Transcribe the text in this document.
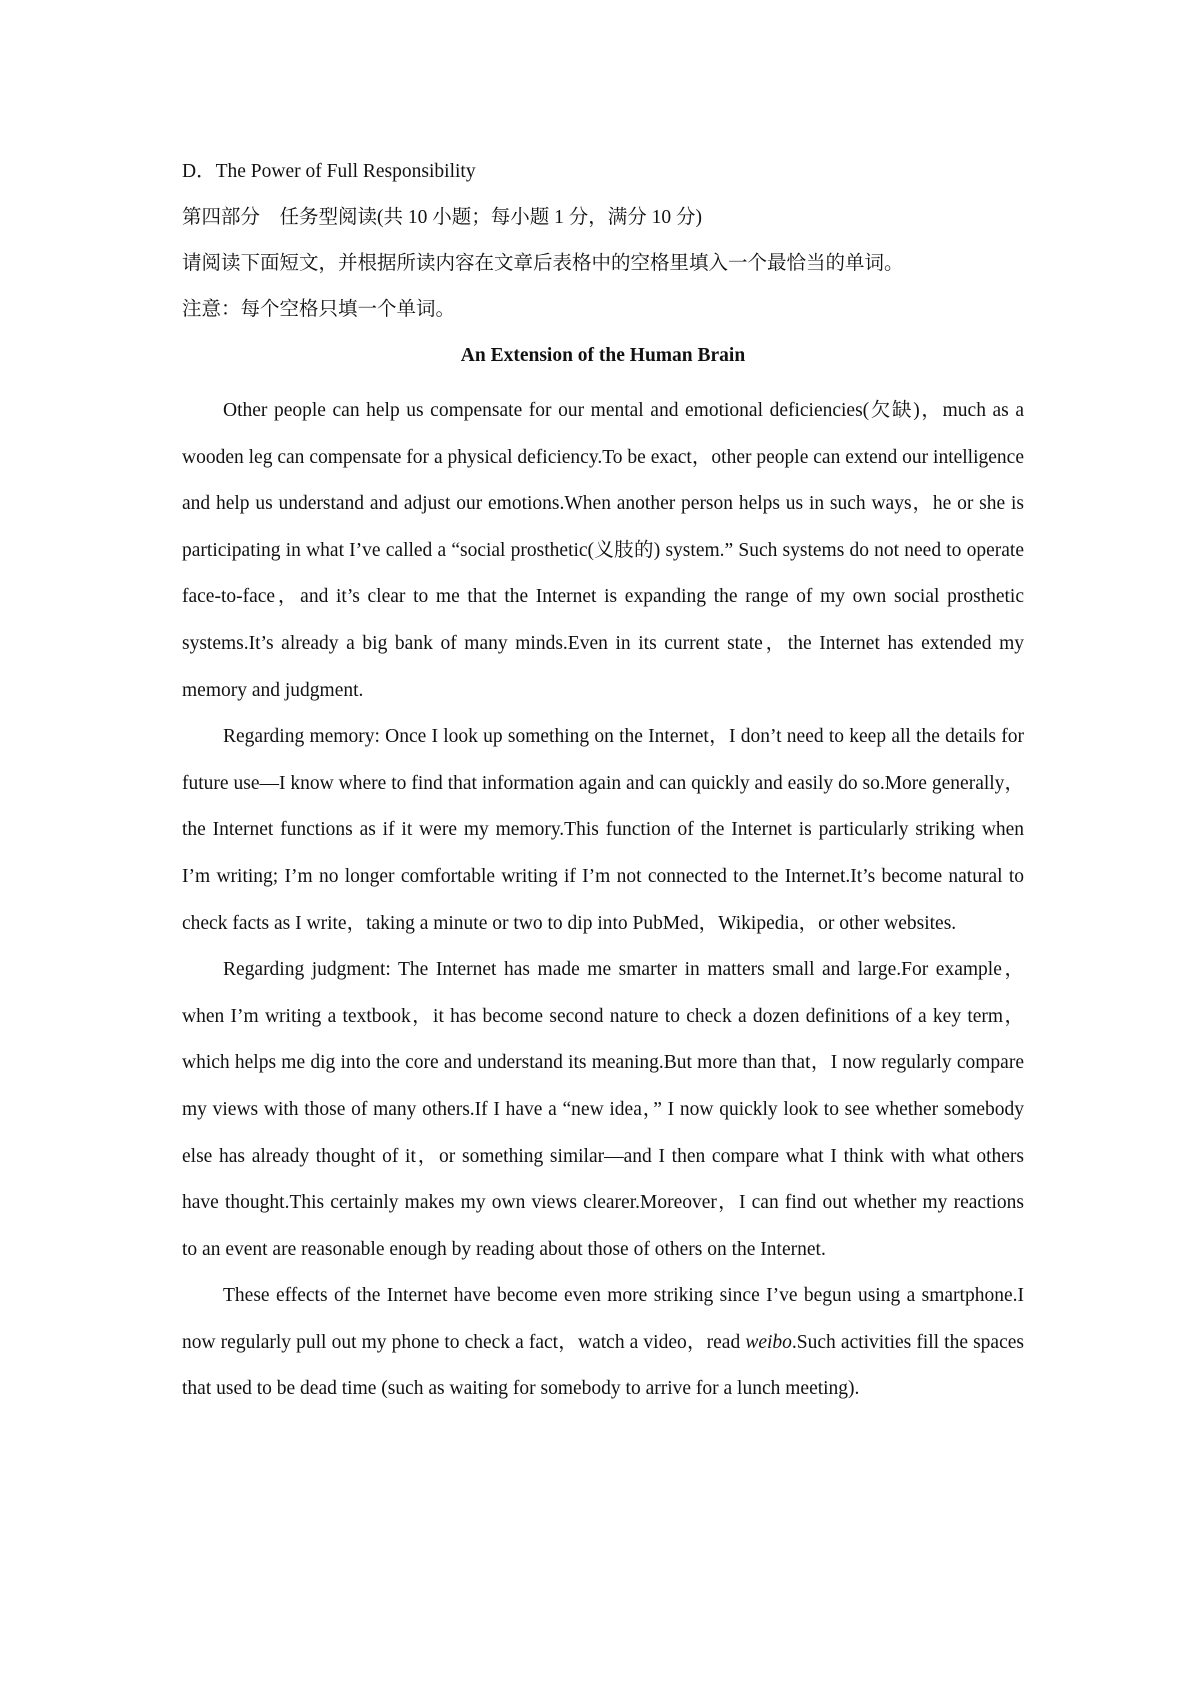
D．The Power of Full Responsibility

第四部分　任务型阅读(共 10 小题；每小题 1 分，满分 10 分)

请阅读下面短文，并根据所读内容在文章后表格中的空格里填入一个最恰当的单词。

注意：每个空格只填一个单词。

An Extension of the Human Brain

Other people can help us compensate for our mental and emotional deficiencies(欠缺)，much as a wooden leg can compensate for a physical deficiency.To be exact，other people can extend our intelligence and help us understand and adjust our emotions.When another person helps us in such ways，he or she is participating in what I’ve called a “social prosthetic(义肢的) system.” Such systems do not need to operate face-to-face，and it’s clear to me that the Internet is expanding the range of my own social prosthetic systems.It’s already a big bank of many minds.Even in its current state，the Internet has extended my memory and judgment.

Regarding memory: Once I look up something on the Internet，I don’t need to keep all the details for future use—I know where to find that information again and can quickly and easily do so.More generally，the Internet functions as if it were my memory.This function of the Internet is particularly striking when I’m writing; I’m no longer comfortable writing if I’m not connected to the Internet.It’s become natural to check facts as I write，taking a minute or two to dip into PubMed，Wikipedia，or other websites.

Regarding judgment: The Internet has made me smarter in matters small and large.For example，when I’m writing a textbook，it has become second nature to check a dozen definitions of a key term，which helps me dig into the core and understand its meaning.But more than that，I now regularly compare my views with those of many others.If I have a “new idea，” I now quickly look to see whether somebody else has already thought of it，or something similar—and I then compare what I think with what others have thought.This certainly makes my own views clearer.Moreover，I can find out whether my reactions to an event are reasonable enough by reading about those of others on the Internet.

These effects of the Internet have become even more striking since I’ve begun using a smartphone.I now regularly pull out my phone to check a fact，watch a video，read weibo.Such activities fill the spaces that used to be dead time (such as waiting for somebody to arrive for a lunch meeting).
